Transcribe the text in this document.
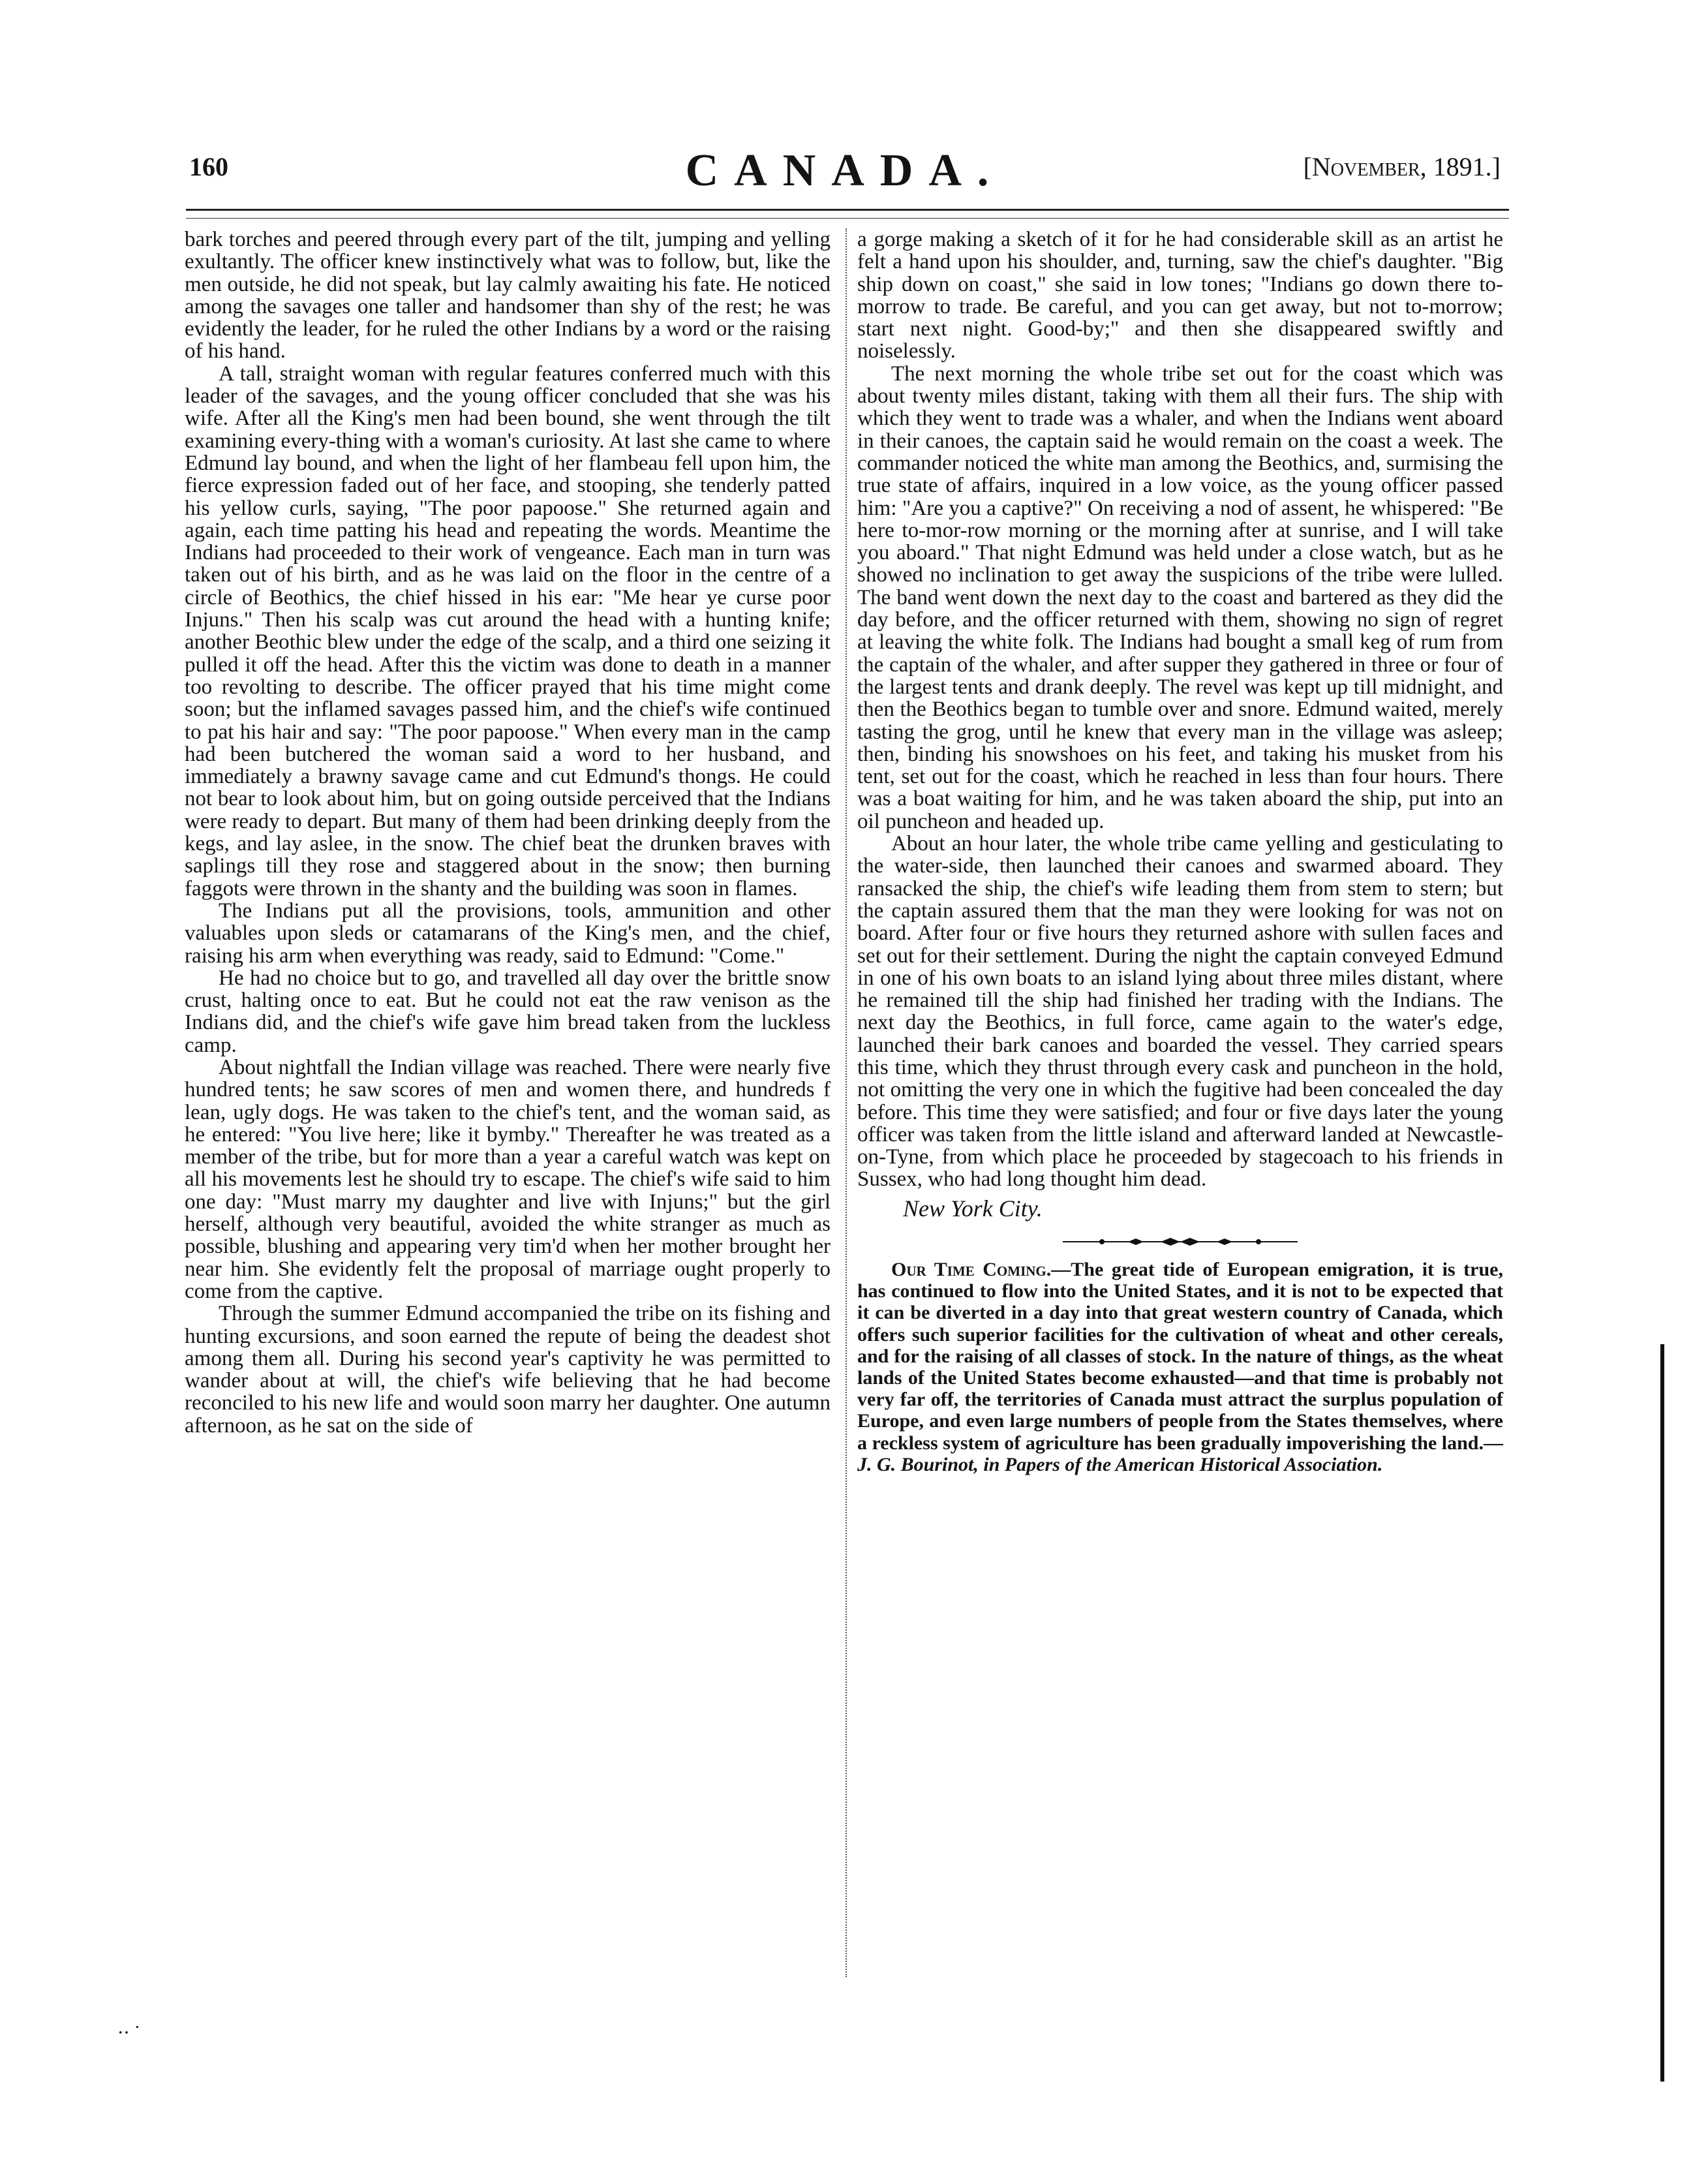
160	CANADA.	[November, 1891.]

bark torches and peered through every part of the tilt, jumping and yelling exultantly. The officer knew instinctively what was to follow, but, like the men outside, he did not speak, but lay calmly awaiting his fate. He noticed among the savages one taller and handsomer than shy of the rest; he was evidently the leader, for he ruled the other Indians by a word or the raising of his hand.

A tall, straight woman with regular features conferred much with this leader of the savages, and the young officer concluded that she was his wife. After all the King's men had been bound, she went through the tilt examining every-thing with a woman's curiosity. At last she came to where Edmund lay bound, and when the light of her flambeau fell upon him, the fierce expression faded out of her face, and stooping, she tenderly patted his yellow curls, saying, "The poor papoose." She returned again and again, each time patting his head and repeating the words. Meantime the Indians had proceeded to their work of vengeance. Each man in turn was taken out of his birth, and as he was laid on the floor in the centre of a circle of Beothics, the chief hissed in his ear: "Me hear ye curse poor Injuns." Then his scalp was cut around the head with a hunting knife; another Beothic blew under the edge of the scalp, and a third one seizing it pulled it off the head. After this the victim was done to death in a manner too revolting to describe. The officer prayed that his time might come soon; but the inflamed savages passed him, and the chief's wife continued to pat his hair and say: "The poor papoose." When every man in the camp had been butchered the woman said a word to her husband, and immediately a brawny savage came and cut Edmund's thongs. He could not bear to look about him, but on going outside perceived that the Indians were ready to depart. But many of them had been drinking deeply from the kegs, and lay aslee, in the snow. The chief beat the drunken braves with saplings till they rose and staggered about in the snow; then burning faggots were thrown in the shanty and the building was soon in flames.

The Indians put all the provisions, tools, ammunition and other valuables upon sleds or catamarans of the King's men, and the chief, raising his arm when everything was ready, said to Edmund: "Come."

He had no choice but to go, and travelled all day over the brittle snow crust, halting once to eat. But he could not eat the raw venison as the Indians did, and the chief's wife gave him bread taken from the luckless camp.

About nightfall the Indian village was reached. There were nearly five hundred tents; he saw scores of men and women there, and hundreds f lean, ugly dogs. He was taken to the chief's tent, and the woman said, as he entered: "You live here; like it bymby." Thereafter he was treated as a member of the tribe, but for more than a year a careful watch was kept on all his movements lest he should try to escape. The chief's wife said to him one day: "Must marry my daughter and live with Injuns;" but the girl herself, although very beautiful, avoided the white stranger as much as possible, blushing and appearing very tim'd when her mother brought her near him. She evidently felt the proposal of marriage ought properly to come from the captive.

Through the summer Edmund accompanied the tribe on its fishing and hunting excursions, and soon earned the repute of being the deadest shot among them all. During his second year's captivity he was permitted to wander about at will, the chief's wife believing that he had become reconciled to his new life and would soon marry her daughter. One autumn afternoon, as he sat on the side of

a gorge making a sketch of it for he had considerable skill as an artist he felt a hand upon his shoulder, and, turning, saw the chief's daughter. "Big ship down on coast," she said in low tones; "Indians go down there to-morrow to trade. Be careful, and you can get away, but not to-morrow; start next night. Good-by;" and then she disappeared swiftly and noiselessly.

The next morning the whole tribe set out for the coast which was about twenty miles distant, taking with them all their furs. The ship with which they went to trade was a whaler, and when the Indians went aboard in their canoes, the captain said he would remain on the coast a week. The commander noticed the white man among the Beothics, and, surmising the true state of affairs, inquired in a low voice, as the young officer passed him: "Are you a captive?" On receiving a nod of assent, he whispered: "Be here to-mor-row morning or the morning after at sunrise, and I will take you aboard." That night Edmund was held under a close watch, but as he showed no inclination to get away the suspicions of the tribe were lulled. The band went down the next day to the coast and bartered as they did the day before, and the officer returned with them, showing no sign of regret at leaving the white folk. The Indians had bought a small keg of rum from the captain of the whaler, and after supper they gathered in three or four of the largest tents and drank deeply. The revel was kept up till midnight, and then the Beothics began to tumble over and snore. Edmund waited, merely tasting the grog, until he knew that every man in the village was asleep; then, binding his snowshoes on his feet, and taking his musket from his tent, set out for the coast, which he reached in less than four hours. There was a boat waiting for him, and he was taken aboard the ship, put into an oil puncheon and headed up.

About an hour later, the whole tribe came yelling and gesticulating to the water-side, then launched their canoes and swarmed aboard. They ransacked the ship, the chief's wife leading them from stem to stern; but the captain assured them that the man they were looking for was not on board. After four or five hours they returned ashore with sullen faces and set out for their settlement. During the night the captain conveyed Edmund in one of his own boats to an island lying about three miles distant, where he remained till the ship had finished her trading with the Indians. The next day the Beothics, in full force, came again to the water's edge, launched their bark canoes and boarded the vessel. They carried spears this time, which they thrust through every cask and puncheon in the hold, not omitting the very one in which the fugitive had been concealed the day before. This time they were satisfied; and four or five days later the young officer was taken from the little island and afterward landed at Newcastle-on-Tyne, from which place he proceeded by stagecoach to his friends in Sussex, who had long thought him dead.

New York City.

Our Time Coming.—The great tide of European emigration, it is true, has continued to flow into the United States, and it is not to be expected that it can be diverted in a day into that great western country of Canada, which offers such superior facilities for the cultivation of wheat and other cereals, and for the raising of all classes of stock. In the nature of things, as the wheat lands of the United States become exhausted—and that time is probably not very far off, the territories of Canada must attract the surplus population of Europe, and even large numbers of people from the States themselves, where a reckless system of agriculture has been gradually impoverishing the land.—J. G. Bourinot, in Papers of the American Historical Association.

‥ ·
